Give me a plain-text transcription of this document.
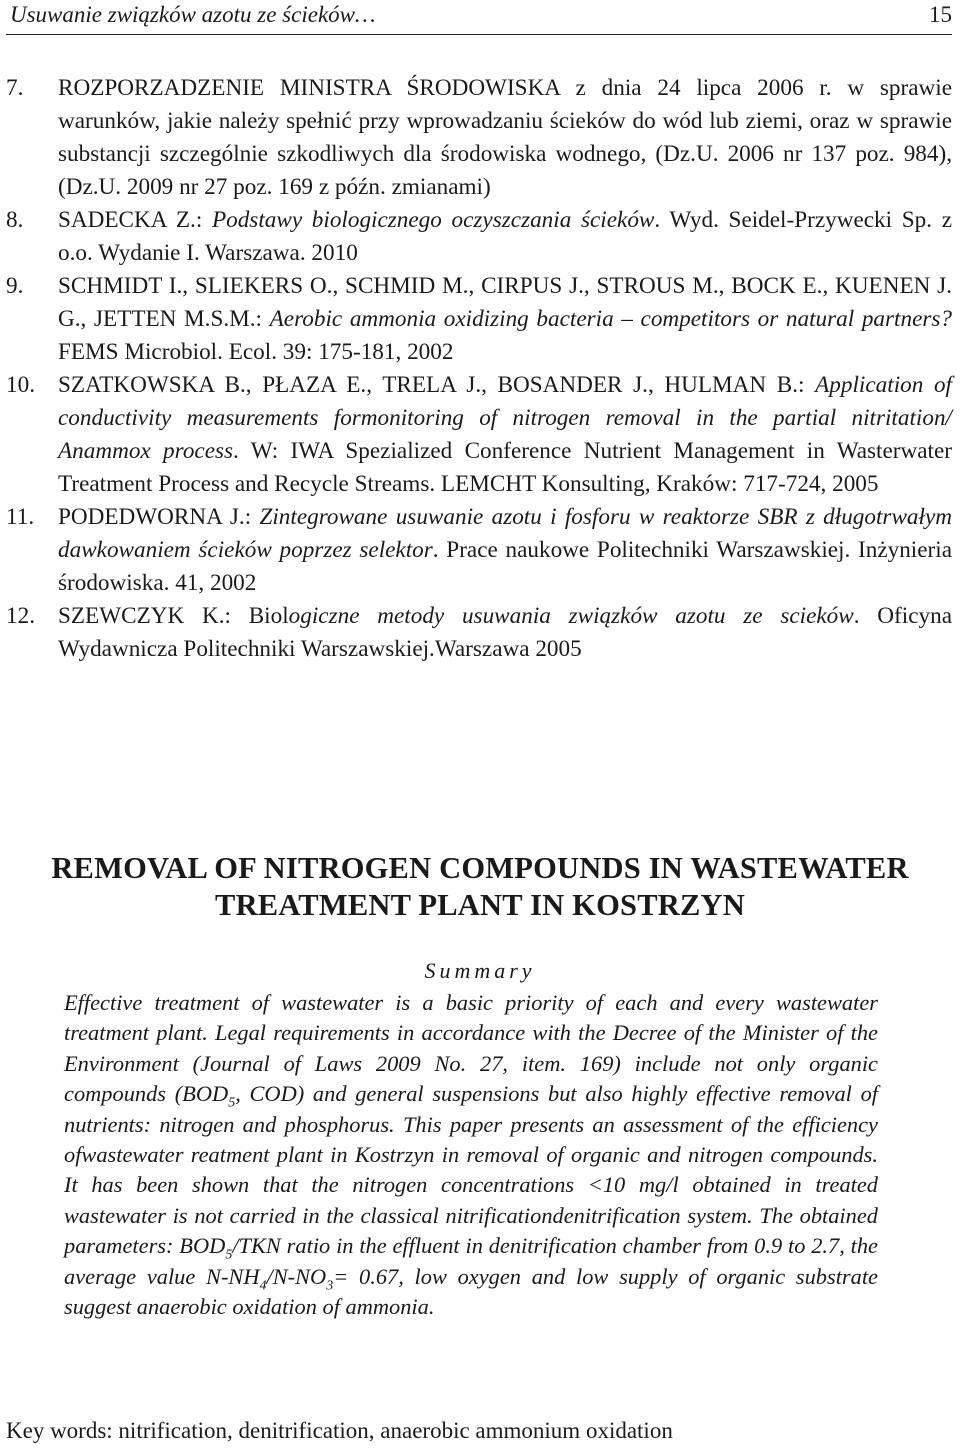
Usuwanie związków azotu ze ścieków…	15

7. ROZPORZADZENIE MINISTRA ŚRODOWISKA z dnia 24 lipca 2006 r. w sprawie warunków, jakie należy spełnić przy wprowadzaniu ścieków do wód lub ziemi, oraz w sprawie substancji szczególnie szkodliwych dla środowiska wodnego, (Dz.U. 2006 nr 137 poz. 984), (Dz.U. 2009 nr 27 poz. 169 z późn. zmianami)

8. SADECKA Z.: Podstawy biologicznego oczyszczania ścieków. Wyd. Seidel-Przywecki Sp. z o.o. Wydanie I. Warszawa. 2010

9. SCHMIDT I., SLIEKERS O., SCHMID M., CIRPUS J., STROUS M., BOCK E., KUENEN J. G., JETTEN M.S.M.: Aerobic ammonia oxidizing bacteria – competitors or natural partners? FEMS Microbiol. Ecol. 39: 175-181, 2002

10. SZATKOWSKA B., PŁAZA E., TRELA J., BOSANDER J., HULMAN B.: Application of conductivity measurements formonitoring of nitrogen removal in the partial nitritation/ Anammox process. W: IWA Spezialized Conference Nutrient Management in Wasterwater Treatment Process and Recycle Streams. LEMCHT Konsulting, Kraków: 717-724, 2005

11. PODEDWORNA J.: Zintegrowane usuwanie azotu i fosforu w reaktorze SBR z długotrwałym dawkowaniem ścieków poprzez selektor. Prace naukowe Politechniki Warszawskiej. Inżynieria środowiska. 41, 2002

12. SZEWCZYK K.: Biologiczne metody usuwania związków azotu ze scieków. Oficyna Wydawnicza Politechniki Warszawskiej.Warszawa 2005

REMOVAL OF NITROGEN COMPOUNDS IN WASTEWATER
TREATMENT PLANT IN KOSTRZYN
Summary

Effective treatment of wastewater is a basic priority of each and every wastewater treatment plant. Legal requirements in accordance with the Decree of the Minister of the Environment (Journal of Laws 2009 No. 27, item. 169) include not only organic compounds ($BOD_5$, COD) and general suspensions but also highly effective removal of nutrients: nitrogen and phosphorus. This paper presents an assessment of the efficiency ofwastewater reatment plant in Kostrzyn in removal of organic and nitrogen compounds. It has been shown that the nitrogen concentrations <10 mg/l obtained in treated wastewater is not carried in the classical nitrificationdenitrification system. The obtained parameters: $BOD_5$/TKN ratio in the effluent in denitrification chamber from 0.9 to 2.7, the average value $N-NH_4/N-NO_3= 0.67$, low oxygen and low supply of organic substrate suggest anaerobic oxidation of ammonia.

Key words: nitrification, denitrification, anaerobic ammonium oxidation
